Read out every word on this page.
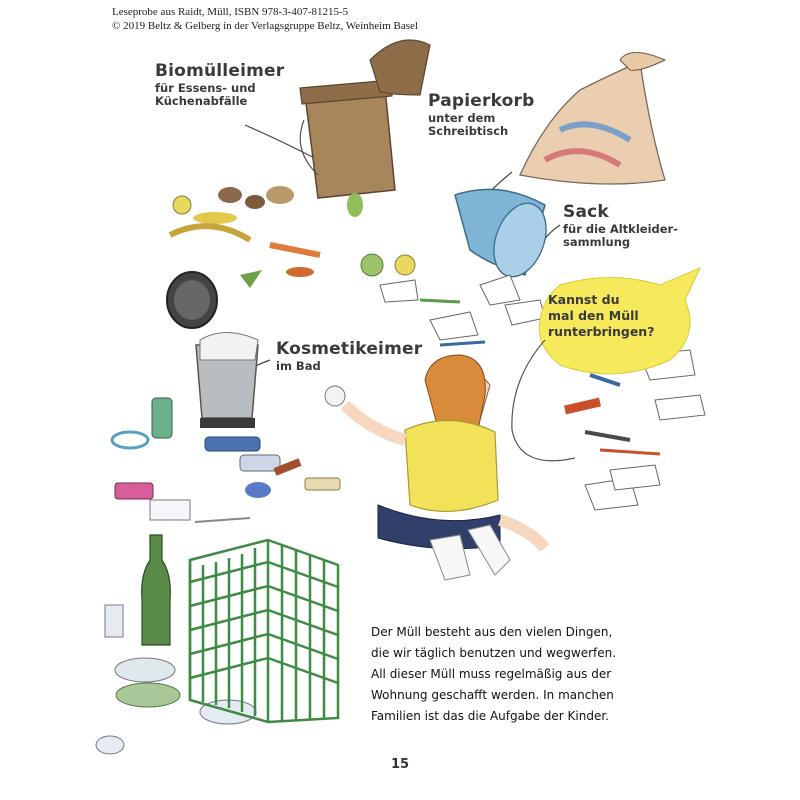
Leseprobe aus Raidt, Müll, ISBN 978-3-407-81215-5
© 2019 Beltz & Gelberg in der Verlagsgruppe Beltz, Weinheim Basel
Biomülleimer
für Essens- und
Küchenabfälle	Papierkorb
unter dem
Schreibtisch
Sack
für die Altkleider-
sammlung
Kosmetikeimer
im Bad
Kannst du
mal den Müll
runterbringen?
Der Müll besteht aus den vielen Dingen,
die wir täglich benutzen und wegwerfen.
All dieser Müll muss regelmäßig aus der
Wohnung geschafft werden. In manchen
Familien ist das die Aufgabe der Kinder.
15
